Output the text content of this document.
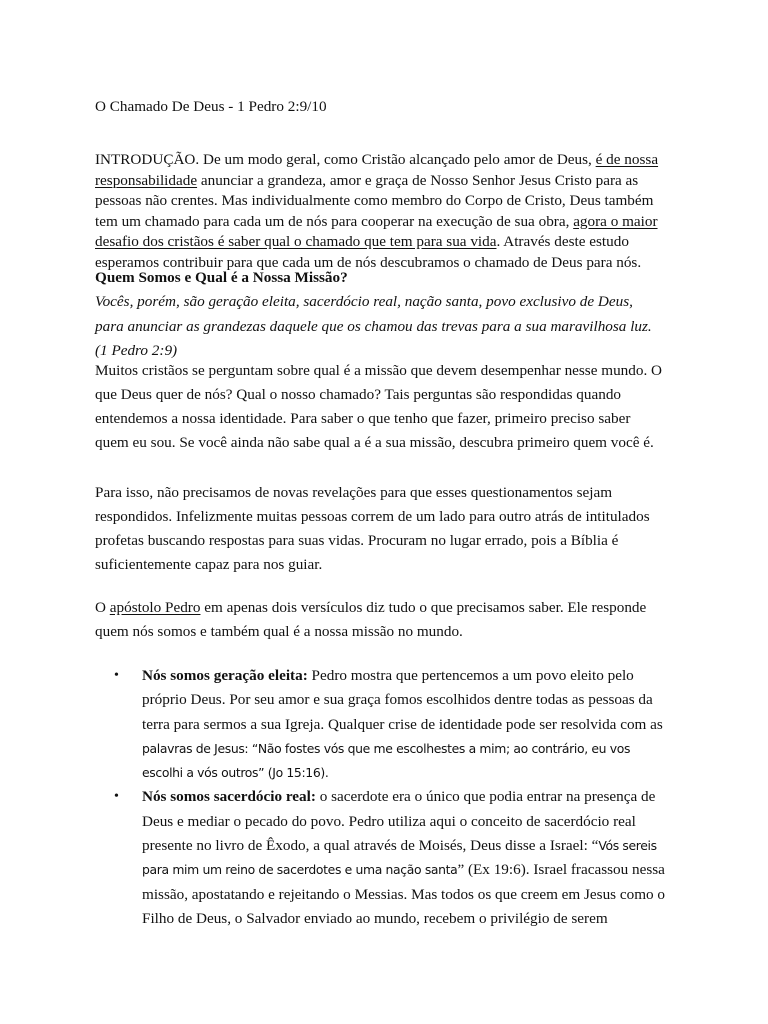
O Chamado De Deus - 1 Pedro 2:9/10

INTRODUÇÃO. De um modo geral, como Cristão alcançado pelo amor de Deus, é de nossa
responsabilidade anunciar a grandeza, amor e graça de Nosso Senhor Jesus Cristo para as
pessoas não crentes. Mas individualmente como membro do Corpo de Cristo, Deus também
tem um chamado para cada um de nós para cooperar na execução de sua obra, agora o maior
desafio dos cristãos é saber qual o chamado que tem para sua vida. Através deste estudo
esperamos contribuir para que cada um de nós descubramos o chamado de Deus para nós.

Quem Somos e Qual é a Nossa Missão?

Vocês, porém, são geração eleita, sacerdócio real, nação santa, povo exclusivo de Deus,
para anunciar as grandezas daquele que os chamou das trevas para a sua maravilhosa luz.
(1 Pedro 2:9)

Muitos cristãos se perguntam sobre qual é a missão que devem desempenhar nesse mundo. O
que Deus quer de nós? Qual o nosso chamado? Tais perguntas são respondidas quando
entendemos a nossa identidade. Para saber o que tenho que fazer, primeiro preciso saber
quem eu sou. Se você ainda não sabe qual a é a sua missão, descubra primeiro quem você é.

Para isso, não precisamos de novas revelações para que esses questionamentos sejam
respondidos. Infelizmente muitas pessoas correm de um lado para outro atrás de intitulados
profetas buscando respostas para suas vidas. Procuram no lugar errado, pois a Bíblia é
suficientemente capaz para nos guiar.

O apóstolo Pedro em apenas dois versículos diz tudo o que precisamos saber. Ele responde
quem nós somos e também qual é a nossa missão no mundo.

• Nós somos geração eleita: Pedro mostra que pertencemos a um povo eleito pelo
próprio Deus. Por seu amor e sua graça fomos escolhidos dentre todas as pessoas da
terra para sermos a sua Igreja. Qualquer crise de identidade pode ser resolvida com as
palavras de Jesus: “Não fostes vós que me escolhestes a mim; ao contrário, eu vos
escolhi a vós outros” (Jo 15:16).
• Nós somos sacerdócio real: o sacerdote era o único que podia entrar na presença de
Deus e mediar o pecado do povo. Pedro utiliza aqui o conceito de sacerdócio real
presente no livro de Êxodo, a qual através de Moisés, Deus disse a Israel: “Vós sereis
para mim um reino de sacerdotes e uma nação santa” (Ex 19:6). Israel fracassou nessa
missão, apostatando e rejeitando o Messias. Mas todos os que creem em Jesus como o
Filho de Deus, o Salvador enviado ao mundo, recebem o privilégio de serem
